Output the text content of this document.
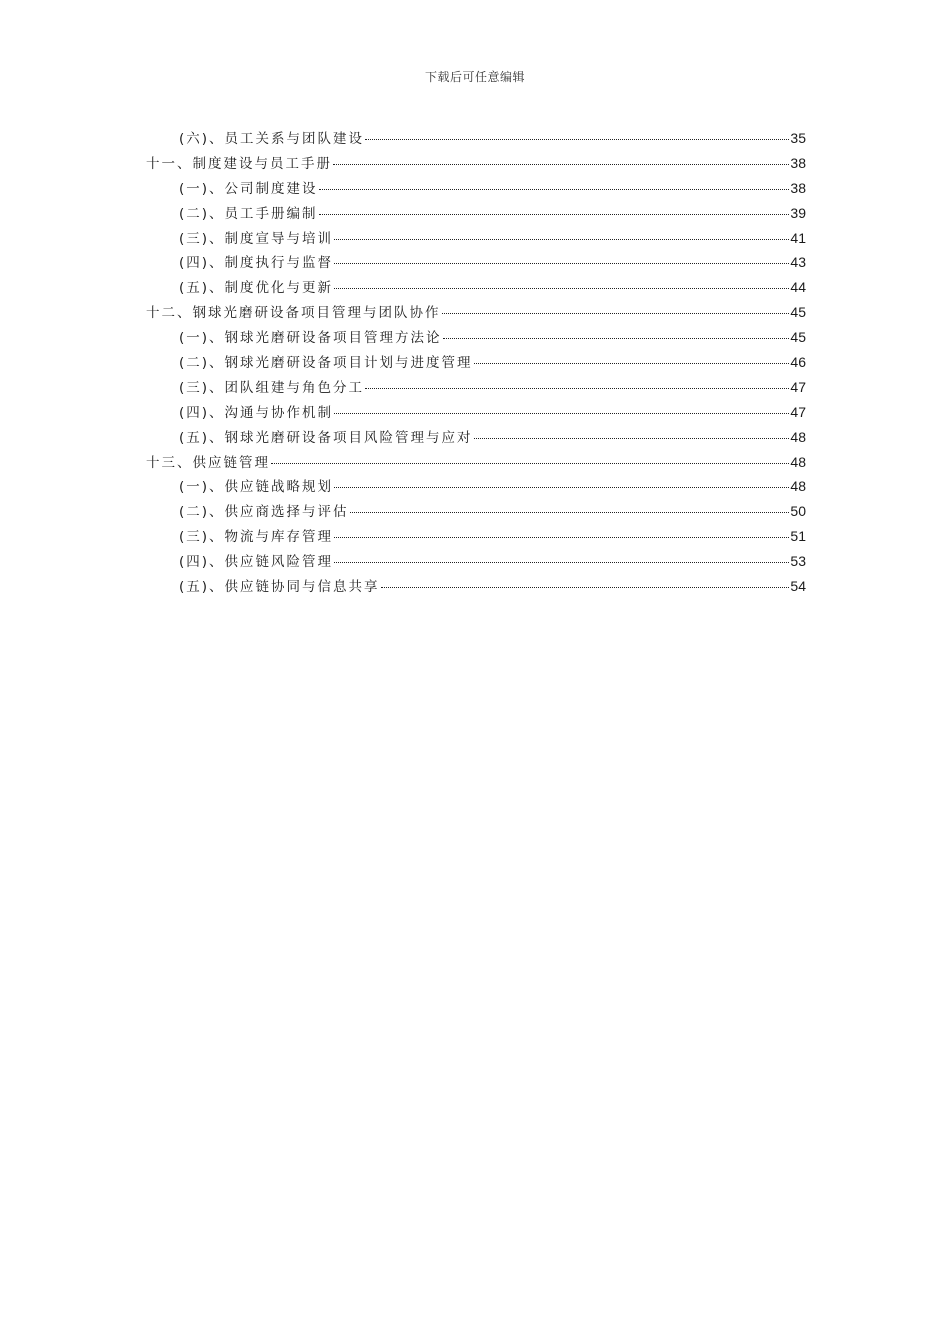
下载后可任意编辑
(六)、员工关系与团队建设	35
十一、制度建设与员工手册	38
(一)、公司制度建设	38
(二)、员工手册编制	39
(三)、制度宣导与培训	41
(四)、制度执行与监督	43
(五)、制度优化与更新	44
十二、钢球光磨研设备项目管理与团队协作	45
(一)、钢球光磨研设备项目管理方法论	45
(二)、钢球光磨研设备项目计划与进度管理	46
(三)、团队组建与角色分工	47
(四)、沟通与协作机制	47
(五)、钢球光磨研设备项目风险管理与应对	48
十三、供应链管理	48
(一)、供应链战略规划	48
(二)、供应商选择与评估	50
(三)、物流与库存管理	51
(四)、供应链风险管理	53
(五)、供应链协同与信息共享	54
